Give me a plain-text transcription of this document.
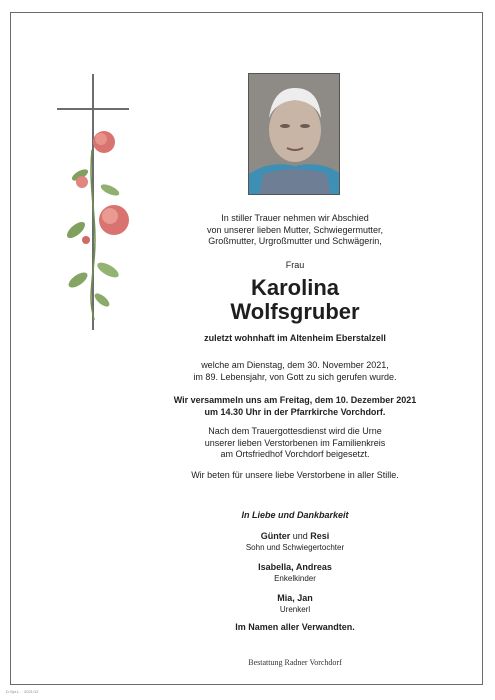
In stiller Trauer nehmen wir Abschied
von unserer lieben Mutter, Schwiegermutter,
Großmutter, Urgroßmutter und Schwägerin,
Frau
Karolina
Wolfsgruber
zuletzt wohnhaft im Altenheim Eberstalzell
welche am Dienstag, dem 30. November 2021,
im 89. Lebensjahr, von Gott zu sich gerufen wurde.
Wir versammeln uns am Freitag, dem 10. Dezember 2021
um 14.30 Uhr in der Pfarrkirche Vorchdorf.
Nach dem Trauergottesdienst wird die Urne
unserer lieben Verstorbenen im Familienkreis
am Ortsfriedhof Vorchdorf beigesetzt.
Wir beten für unsere liebe Verstorbene in aller Stille.
In Liebe und Dankbarkeit
Günter und Resi
Sohn und Schwiegertochter
Isabella, Andreas
Enkelkinder
Mia, Jan
Urenkerl
Im Namen aller Verwandten.
Bestattung Radner Vorchdorf
D.Spr.L. · 2021/12
